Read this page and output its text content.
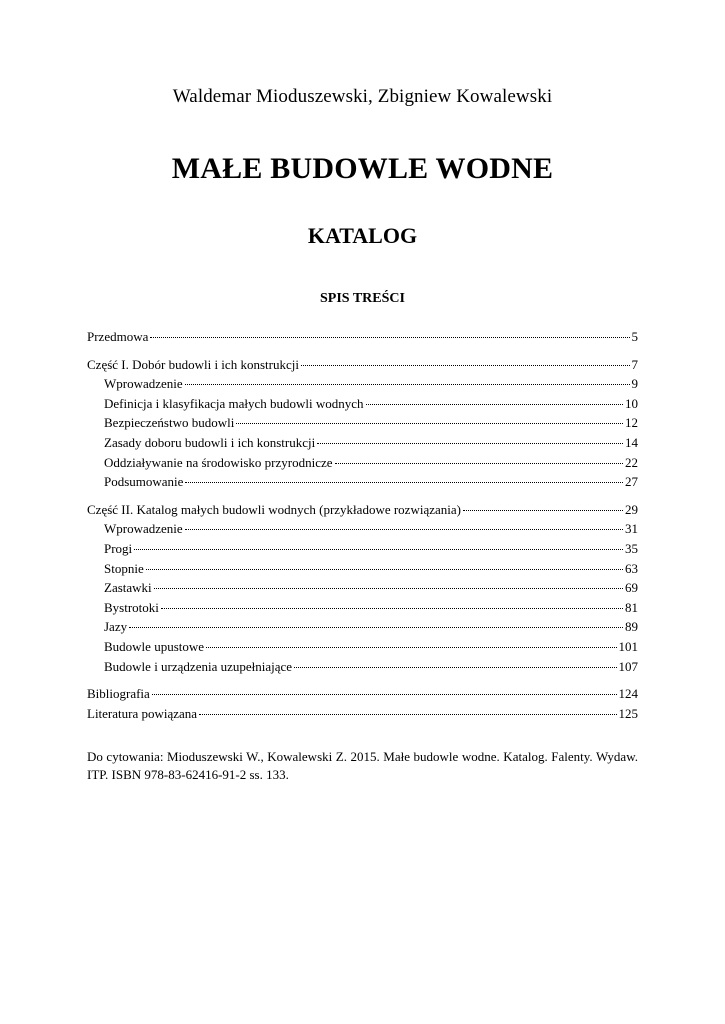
Waldemar Mioduszewski, Zbigniew Kowalewski
MAŁE BUDOWLE WODNE
KATALOG
SPIS TREŚCI
Przedmowa	5
Część I. Dobór budowli i ich konstrukcji	7
Wprowadzenie	9
Definicja i klasyfikacja małych budowli wodnych	10
Bezpieczeństwo budowli	12
Zasady doboru budowli i ich konstrukcji	14
Oddziaływanie na środowisko przyrodnicze	22
Podsumowanie	27
Część II. Katalog małych budowli wodnych (przykładowe rozwiązania)	29
Wprowadzenie	31
Progi	35
Stopnie	63
Zastawki	69
Bystrotoki	81
Jazy	89
Budowle upustowe	101
Budowle i urządzenia uzupełniające	107
Bibliografia	124
Literatura powiązana	125
Do cytowania: Mioduszewski W., Kowalewski Z. 2015. Małe budowle wodne. Katalog. Falenty. Wydaw. ITP. ISBN 978-83-62416-91-2 ss. 133.
